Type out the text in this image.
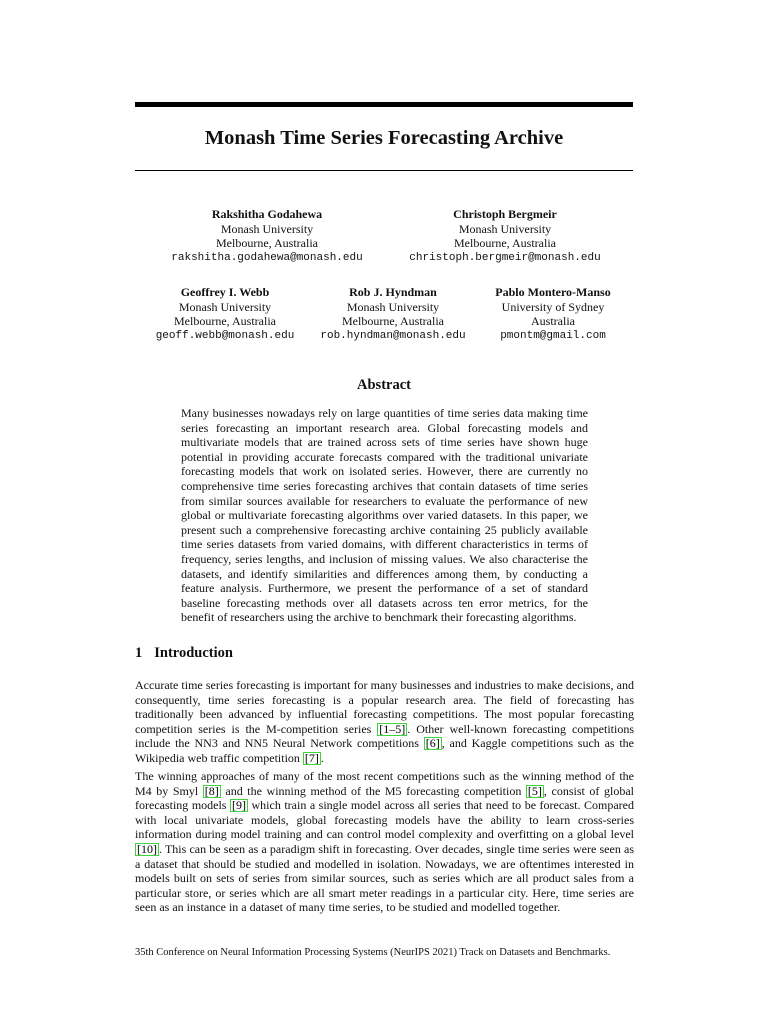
Monash Time Series Forecasting Archive
Rakshitha Godahewa
Monash University
Melbourne, Australia
rakshitha.godahewa@monash.edu
Christoph Bergmeir
Monash University
Melbourne, Australia
christoph.bergmeir@monash.edu
Geoffrey I. Webb
Monash University
Melbourne, Australia
geoff.webb@monash.edu
Rob J. Hyndman
Monash University
Melbourne, Australia
rob.hyndman@monash.edu
Pablo Montero-Manso
University of Sydney
Australia
pmontm@gmail.com
Abstract

Many businesses nowadays rely on large quantities of time series data making time series forecasting an important research area. Global forecasting models and multivariate models that are trained across sets of time series have shown huge potential in providing accurate forecasts compared with the traditional univariate forecasting models that work on isolated series. However, there are currently no comprehensive time series forecasting archives that contain datasets of time series from similar sources available for researchers to evaluate the performance of new global or multivariate forecasting algorithms over varied datasets. In this paper, we present such a comprehensive forecasting archive containing 25 publicly available time series datasets from varied domains, with different characteristics in terms of frequency, series lengths, and inclusion of missing values. We also characterise the datasets, and identify similarities and differences among them, by conducting a feature analysis. Furthermore, we present the performance of a set of standard baseline forecasting methods over all datasets across ten error metrics, for the benefit of researchers using the archive to benchmark their forecasting algorithms.

1 Introduction

Accurate time series forecasting is important for many businesses and industries to make decisions, and consequently, time series forecasting is a popular research area. The field of forecasting has traditionally been advanced by influential forecasting competitions. The most popular forecasting competition series is the M-competition series [1–5] . Other well-known forecasting competitions include the NN3 and NN5 Neural Network competitions [6] , and Kaggle competitions such as the Wikipedia web traffic competition [7] .

The winning approaches of many of the most recent competitions such as the winning method of the M4 by Smyl [8] and the winning method of the M5 forecasting competition [5] , consist of global forecasting models [9] which train a single model across all series that need to be forecast. Compared with local univariate models, global forecasting models have the ability to learn cross-series information during model training and can control model complexity and overfitting on a global level [10] . This can be seen as a paradigm shift in forecasting. Over decades, single time series were seen as a dataset that should be studied and modelled in isolation. Nowadays, we are oftentimes interested in models built on sets of series from similar sources, such as series which are all product sales from a particular store, or series which are all smart meter readings in a particular city. Here, time series are seen as an instance in a dataset of many time series, to be studied and modelled together.

35th Conference on Neural Information Processing Systems (NeurIPS 2021) Track on Datasets and Benchmarks.
